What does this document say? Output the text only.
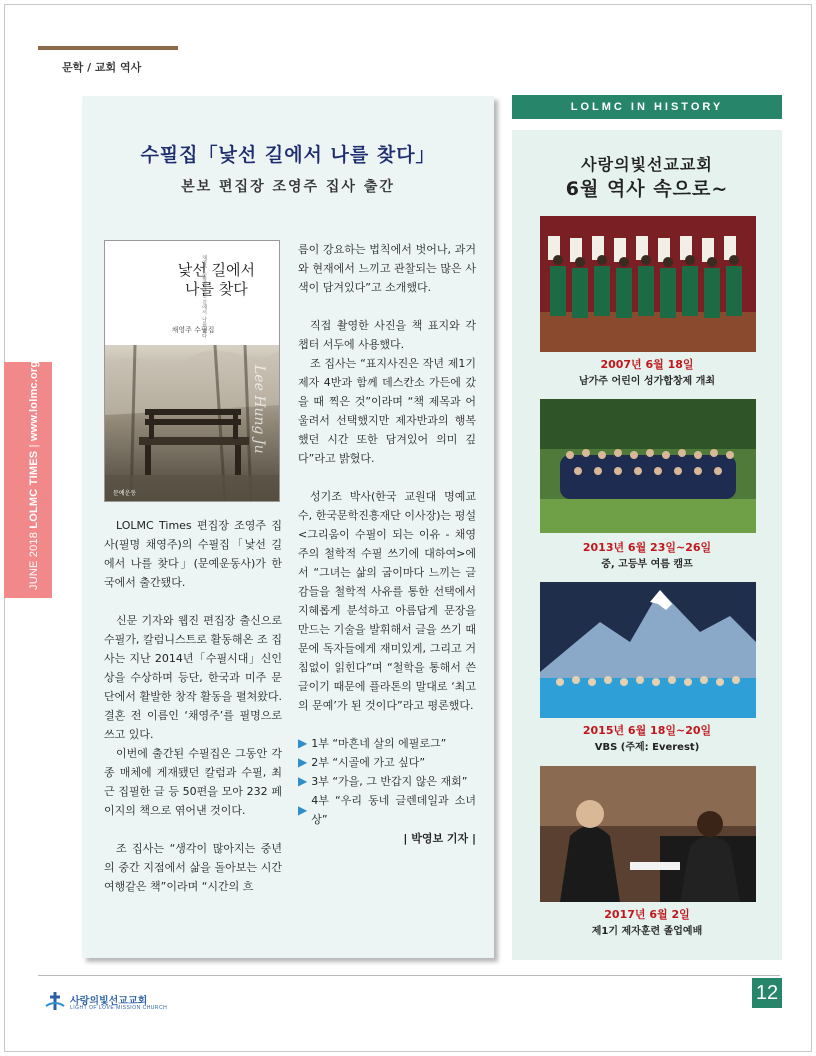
문학 / 교회 역사
JUNE 2018 LOLMC TIMES | www.lolmc.org
수필집「낯선 길에서 나를 찾다」
본보 편집장 조영주 집사 출간
채영주 수필집 낯선 길에서 나를 찾다
낯선 길에서
나를 찾다
채영주 수필집
Lee Hung Ju
문예운동

LOLMC Times 편집장 조영주 집사(필명 채영주)의 수필집「낯선 길에서 나를 찾다」(문예운동사)가 한국에서 출간됐다.

신문 기자와 웹진 편집장 출신으로 수필가, 칼럼니스트로 활동해온 조 집사는 지난 2014년「수필시대」신인상을 수상하며 등단, 한국과 미주 문단에서 활발한 창작 활동을 펼쳐왔다. 결혼 전 이름인 ‘채영주’를 필명으로 쓰고 있다.

이번에 출간된 수필집은 그동안 각종 매체에 게재됐던 칼럼과 수필, 최근 집필한 글 등 50편을 모아 232 페이지의 책으로 엮어낸 것이다.

조 집사는 “생각이 많아지는 중년의 중간 지점에서 삶을 돌아보는 시간 여행같은 책”이라며 “시간의 흐

름이 강요하는 법칙에서 벗어나, 과거와 현재에서 느끼고 관찰되는 많은 사색이 담겨있다”고 소개했다.

직접 촬영한 사진을 책 표지와 각 챕터 서두에 사용했다.

조 집사는 “표지사진은 작년 제1기 제자 4반과 함께 데스칸소 가든에 갔을 때 찍은 것”이라며 “책 제목과 어울려서 선택했지만 제자반과의 행복했던 시간 또한 담겨있어 의미 깊다”라고 밝혔다.

성기조 박사(한국 교원대 명예교수, 한국문학진흥재단 이사장)는 평설 <그리움이 수필이 되는 이유 - 채영주의 철학적 수필 쓰기에 대하여>에서 “그녀는 삶의 굽이마다 느끼는 글감들을 철학적 사유를 통한 선택에서 지혜롭게 분석하고 아름답게 문장을 만드는 기술을 발휘해서 글을 쓰기 때문에 독자들에게 재미있게, 그리고 거침없이 읽힌다”며 “철학을 통해서 쓴 글이기 때문에 플라톤의 말대로 ‘최고의 문예’가 된 것이다”라고 평론했다.

▶ 1부 “마흔네 살의 에필로그”

▶ 2부 “시골에 가고 싶다”

▶ 3부 “가을, 그 반갑지 않은 재회”

▶
4부 “우리 동네 글렌데일과 소녀상”

| 박영보 기자 |

LOLMC IN HISTORY
사랑의빛선교교회
6월 역사 속으로~
2007년 6월 18일
남가주 어린이 성가합창제 개최
2013년 6월 23일~26일
중, 고등부 여름 캠프
2015년 6월 18일~20일
VBS (주제: Everest)
2017년 6월 2일
제1기 제자훈련 졸업예배
사랑의빛선교교회
LIGHT OF LOVE MISSION CHURCH
12
